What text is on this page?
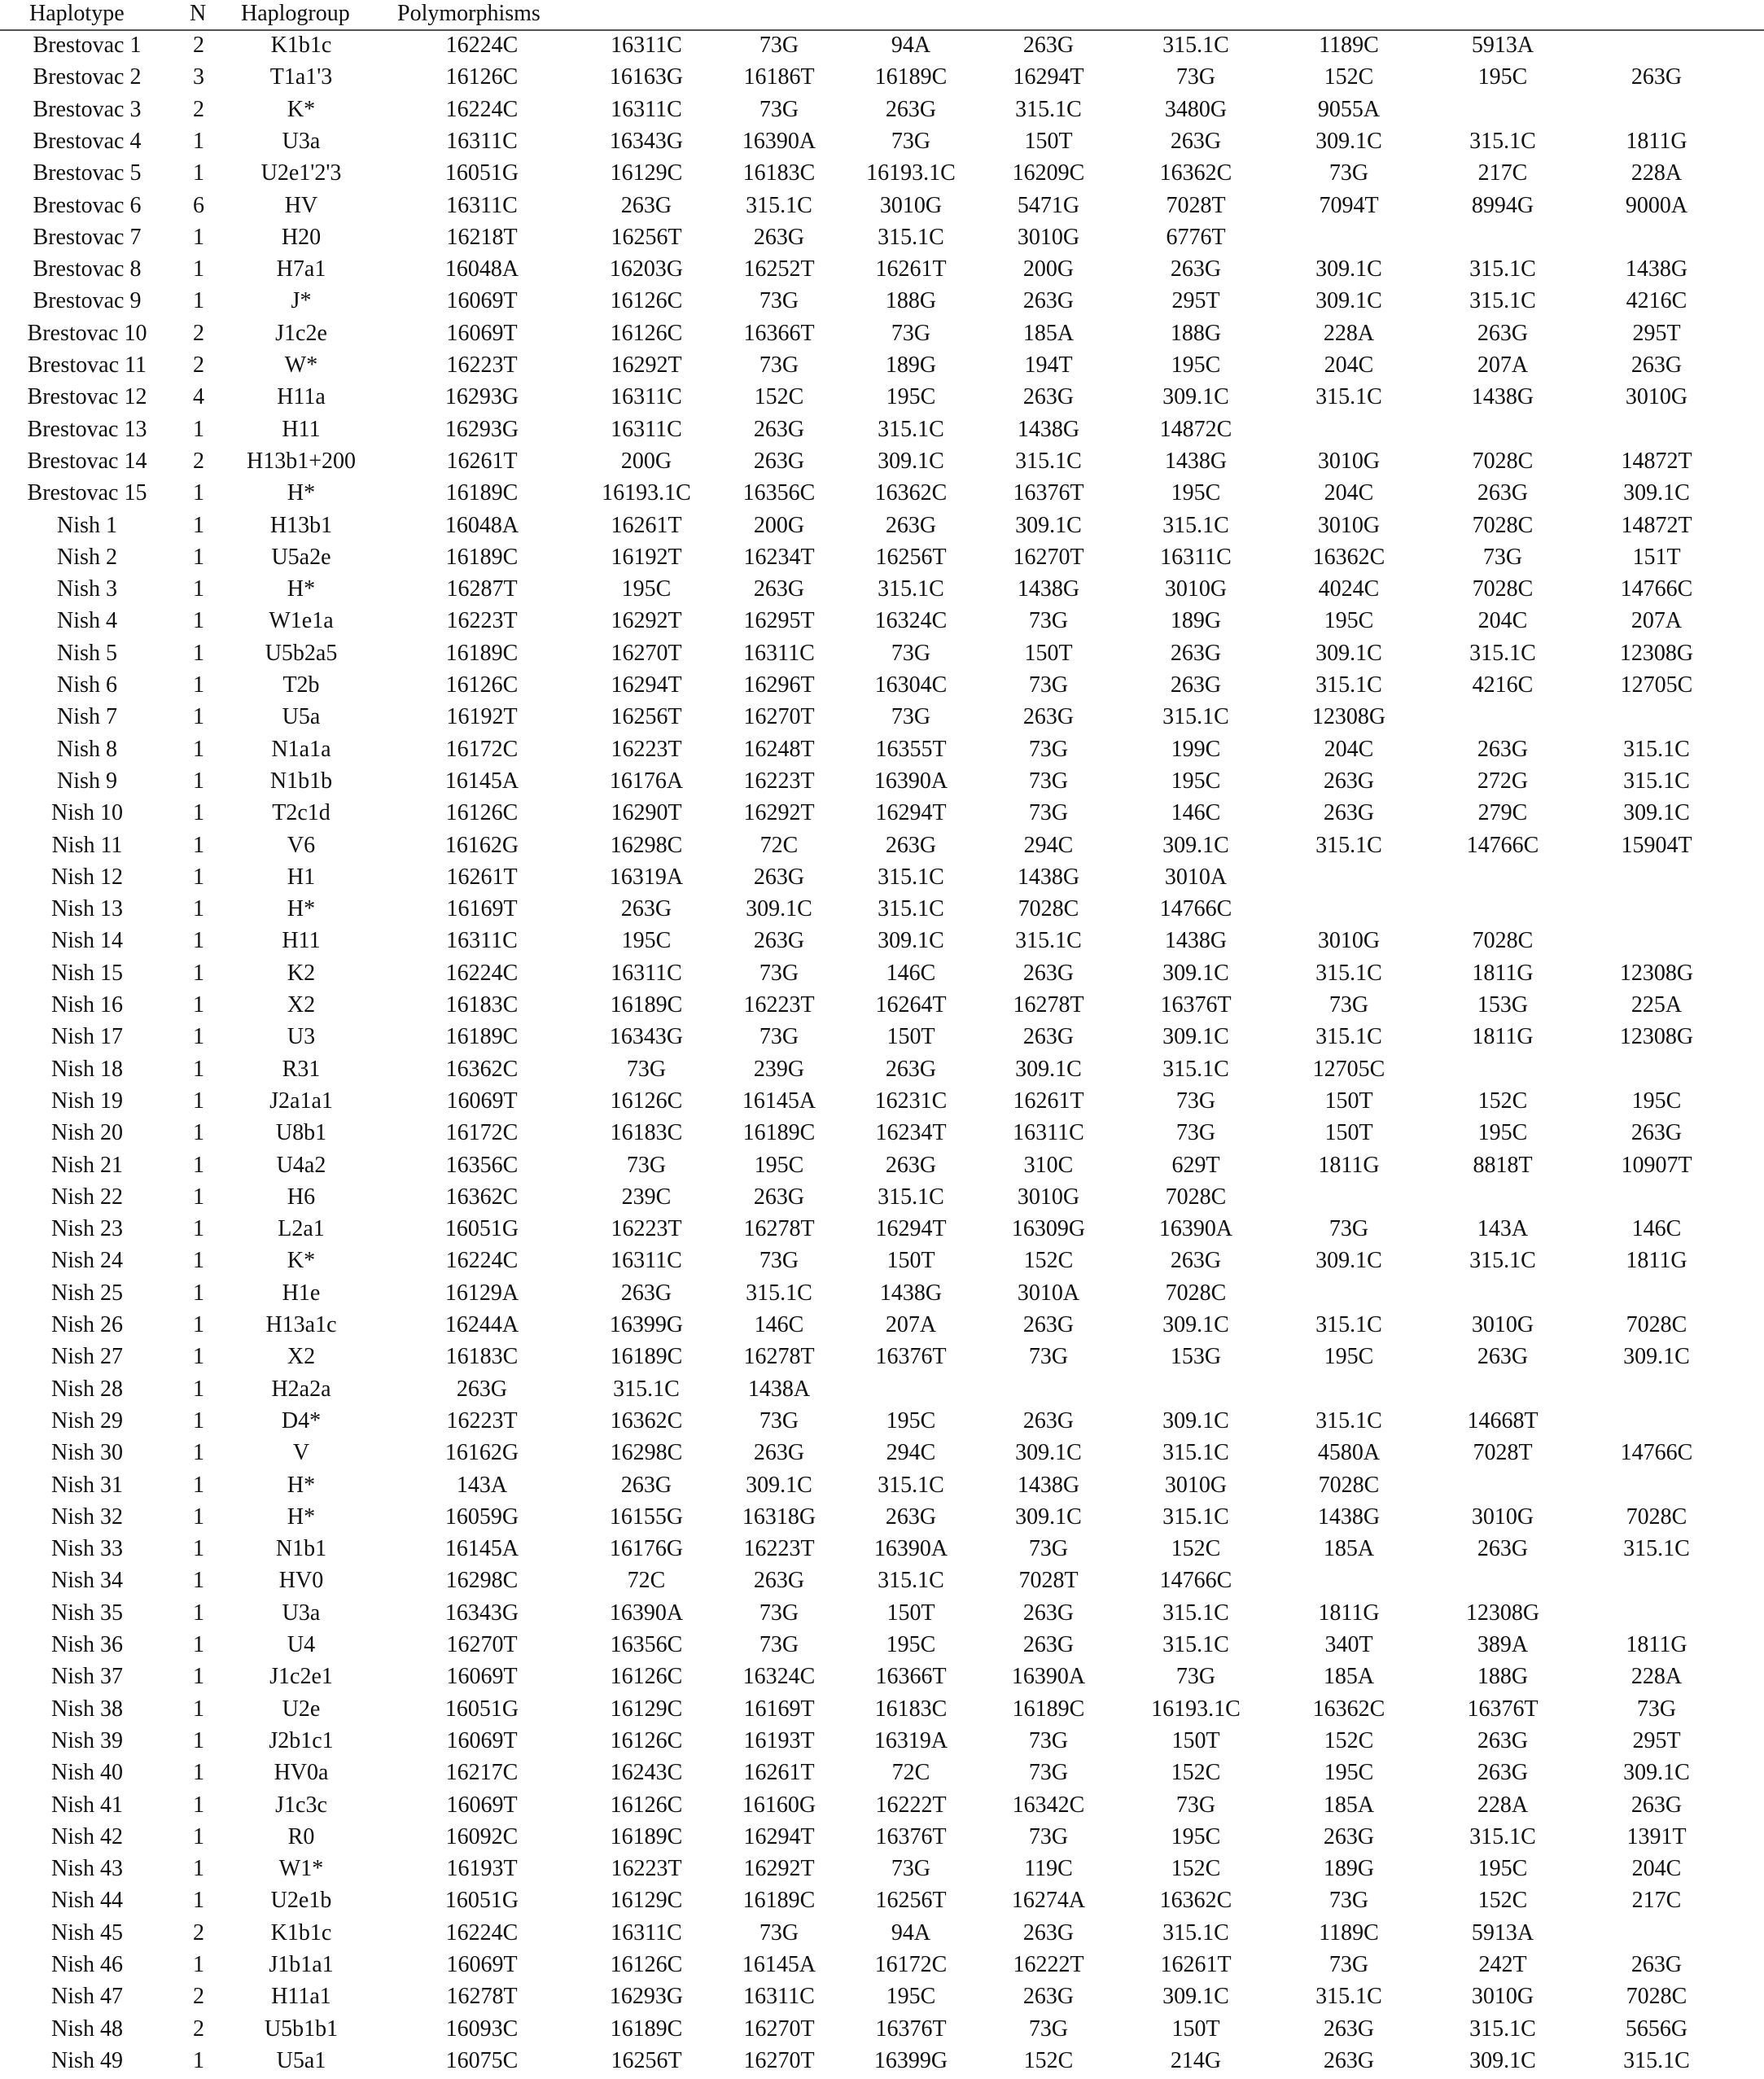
Haplotype	N Haplogroup Polymorphisms
Brestovac 1 2	K1b1c	16224C	16311C	73G	94A	263G	315.1C	1189C	5913A
Brestovac 2 3	T1a1'3	16126C	16163G	16186T	16189C	16294T	73G	152C	195C	263G
Brestovac 3 2	K*	16224C	16311C	73G	263G	315.1C	3480G	9055A
Brestovac 4 1	U3a	16311C	16343G	16390A	73G	150T	263G	309.1C	315.1C	1811G
Brestovac 5 1 U2e1'2'3	16051G	16129C	16183C 16193.1C 16209C	16362C	73G	217C	228A
Brestovac 6 6	HV	16311C	263G	315.1C	3010G	5471G	7028T	7094T	8994G	9000A
Brestovac 7 1	H20	16218T	16256T	263G	315.1C	3010G	6776T
Brestovac 8 1	H7a1	16048A	16203G	16252T	16261T	200G	263G	309.1C	315.1C	1438G
Brestovac 9 1	J*	16069T	16126C	73G	188G	263G	295T	309.1C	315.1C	4216C
Brestovac 10 2	J1c2e	16069T	16126C	16366T	73G	185A	188G	228A	263G	295T
Brestovac 11 2	W*	16223T	16292T	73G	189G	194T	195C	204C	207A	263G
Brestovac 12 4	H11a	16293G	16311C	152C	195C	263G	309.1C	315.1C	1438G	3010G
Brestovac 13 1	H11	16293G	16311C	263G	315.1C	1438G	14872C
Brestovac 14 2 H13b1+200	16261T	200G	263G	309.1C	315.1C	1438G	3010G	7028C	14872T
Brestovac 15 1	H*	16189C	16193.1C 16356C	16362C	16376T	195C	204C	263G	309.1C
Nish 1	1	H13b1	16048A	16261T	200G	263G	309.1C	315.1C	3010G	7028C	14872T
Nish 2	1	U5a2e	16189C	16192T	16234T	16256T	16270T	16311C	16362C	73G	151T
Nish 3	1	H*	16287T	195C	263G	315.1C	1438G	3010G	4024C	7028C	14766C
Nish 4	1	W1e1a	16223T	16292T	16295T	16324C	73G	189G	195C	204C	207A
Nish 5	1	U5b2a5	16189C	16270T	16311C	73G	150T	263G	309.1C	315.1C	12308G
Nish 6	1	T2b	16126C	16294T	16296T	16304C	73G	263G	315.1C	4216C	12705C
Nish 7	1	U5a	16192T	16256T	16270T	73G	263G	315.1C	12308G
Nish 8	1	N1a1a	16172C	16223T	16248T	16355T	73G	199C	204C	263G	315.1C
Nish 9	1	N1b1b	16145A	16176A	16223T	16390A	73G	195C	263G	272G	315.1C
Nish 10	1	T2c1d	16126C	16290T	16292T	16294T	73G	146C	263G	279C	309.1C
Nish 11	1	V6	16162G	16298C	72C	263G	294C	309.1C	315.1C	14766C	15904T
Nish 12	1	H1	16261T	16319A	263G	315.1C	1438G	3010A
Nish 13	1	H*	16169T	263G	309.1C	315.1C	7028C	14766C
Nish 14	1	H11	16311C	195C	263G	309.1C	315.1C	1438G	3010G	7028C
Nish 15	1	K2	16224C	16311C	73G	146C	263G	309.1C	315.1C	1811G	12308G
Nish 16	1	X2	16183C	16189C	16223T	16264T	16278T	16376T	73G	153G	225A
Nish 17	1	U3	16189C	16343G	73G	150T	263G	309.1C	315.1C	1811G	12308G
Nish 18	1	R31	16362C	73G	239G	263G	309.1C	315.1C	12705C
Nish 19	1	J2a1a1	16069T	16126C	16145A	16231C	16261T	73G	150T	152C	195C
Nish 20	1	U8b1	16172C	16183C	16189C	16234T	16311C	73G	150T	195C	263G
Nish 21	1	U4a2	16356C	73G	195C	263G	310C	629T	1811G	8818T	10907T
Nish 22	1	H6	16362C	239C	263G	315.1C	3010G	7028C
Nish 23	1	L2a1	16051G	16223T	16278T	16294T	16309G	16390A	73G	143A	146C
Nish 24	1	K*	16224C	16311C	73G	150T	152C	263G	309.1C	315.1C	1811G
Nish 25	1	H1e	16129A	263G	315.1C	1438G	3010A	7028C
Nish 26	1	H13a1c	16244A	16399G	146C	207A	263G	309.1C	315.1C	3010G	7028C
Nish 27	1	X2	16183C	16189C	16278T	16376T	73G	153G	195C	263G	309.1C
Nish 28	1	H2a2a	263G	315.1C	1438A
Nish 29	1	D4*	16223T	16362C	73G	195C	263G	309.1C	315.1C	14668T
Nish 30	1	V	16162G	16298C	263G	294C	309.1C	315.1C	4580A	7028T	14766C
Nish 31	1	H*	143A	263G	309.1C	315.1C	1438G	3010G	7028C
Nish 32	1	H*	16059G	16155G	16318G	263G	309.1C	315.1C	1438G	3010G	7028C
Nish 33	1	N1b1	16145A	16176G	16223T	16390A	73G	152C	185A	263G	315.1C
Nish 34	1	HV0	16298C	72C	263G	315.1C	7028T	14766C
Nish 35	1	U3a	16343G	16390A	73G	150T	263G	315.1C	1811G	12308G
Nish 36	1	U4	16270T	16356C	73G	195C	263G	315.1C	340T	389A	1811G
Nish 37	1	J1c2e1	16069T	16126C	16324C	16366T	16390A	73G	185A	188G	228A
Nish 38	1	U2e	16051G	16129C	16169T	16183C	16189C	16193.1C	16362C	16376T	73G
Nish 39	1	J2b1c1	16069T	16126C	16193T	16319A	73G	150T	152C	263G	295T
Nish 40	1	HV0a	16217C	16243C	16261T	72C	73G	152C	195C	263G	309.1C
Nish 41	1	J1c3c	16069T	16126C	16160G	16222T	16342C	73G	185A	228A	263G
Nish 42	1	R0	16092C	16189C	16294T	16376T	73G	195C	263G	315.1C	1391T
Nish 43	1	W1*	16193T	16223T	16292T	73G	119C	152C	189G	195C	204C
Nish 44	1	U2e1b	16051G	16129C	16189C	16256T	16274A	16362C	73G	152C	217C
Nish 45	2	K1b1c	16224C	16311C	73G	94A	263G	315.1C	1189C	5913A
Nish 46	1	J1b1a1	16069T	16126C	16145A	16172C	16222T	16261T	73G	242T	263G
Nish 47	2	H11a1	16278T	16293G	16311C	195C	263G	309.1C	315.1C	3010G	7028C
Nish 48	2	U5b1b1	16093C	16189C	16270T	16376T	73G	150T	263G	315.1C	5656G
Nish 49	1	U5a1	16075C	16256T	16270T	16399G	152C	214G	263G	309.1C	315.1C
